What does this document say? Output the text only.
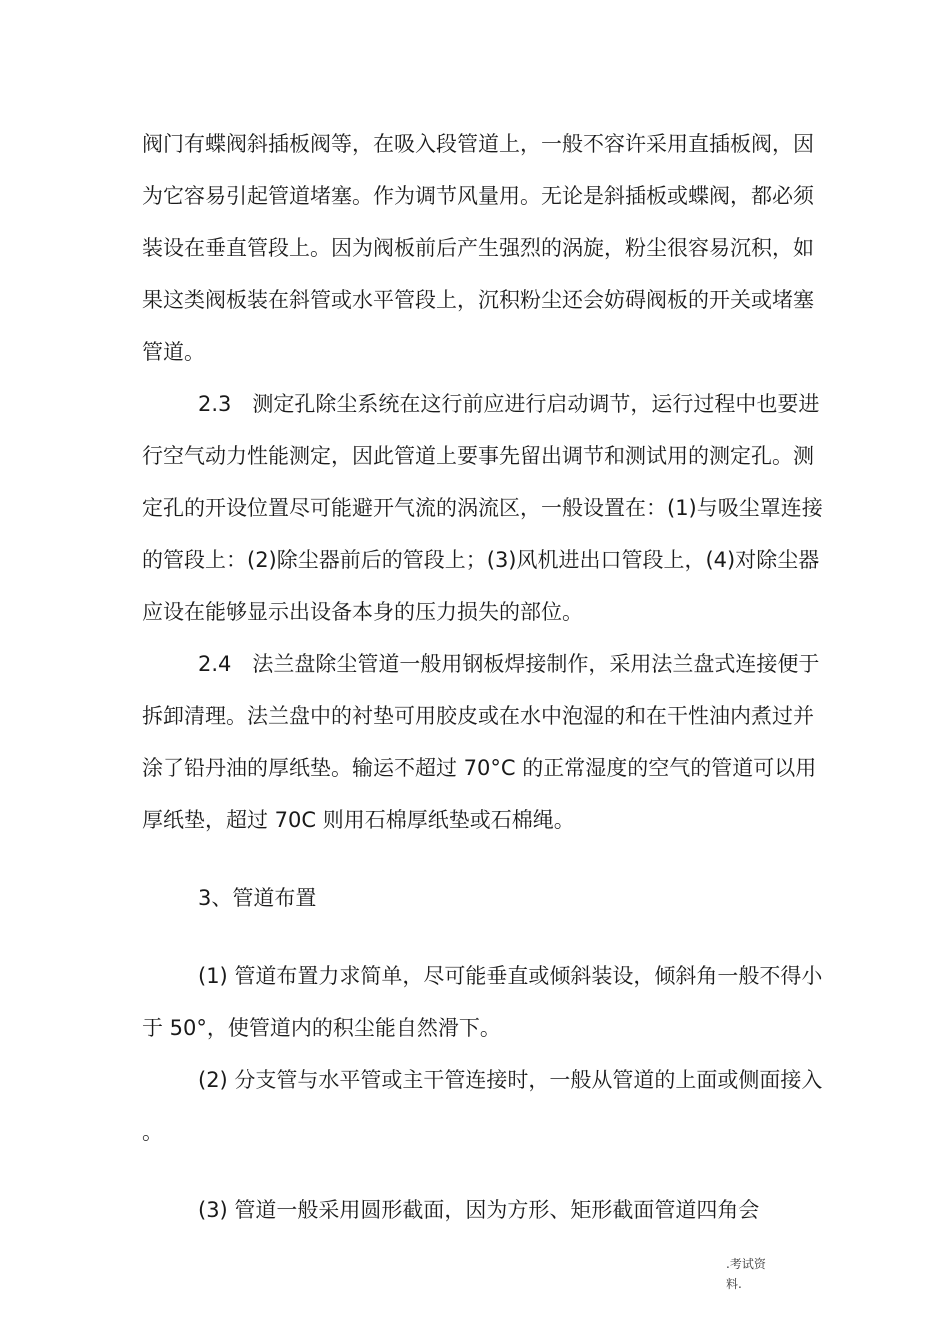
阀门有蝶阀斜插板阀等，在吸入段管道上，一般不容许采用直插板阀，因为它容易引起管道堵塞。作为调节风量用。无论是斜插板或蝶阀，都必须装设在垂直管段上。因为阀板前后产生强烈的涡旋，粉尘很容易沉积，如果这类阀板装在斜管或水平管段上，沉积粉尘还会妨碍阀板的开关或堵塞管道。

2.3　测定孔除尘系统在这行前应进行启动调节，运行过程中也要进行空气动力性能测定，因此管道上要事先留出调节和测试用的测定孔。测定孔的开设位置尽可能避开气流的涡流区，一般设置在：(1)与吸尘罩连接的管段上：(2)除尘器前后的管段上；(3)风机进出口管段上，(4)对除尘器应设在能够显示出设备本身的压力损失的部位。

2.4　法兰盘除尘管道一般用钢板焊接制作，采用法兰盘式连接便于拆卸清理。法兰盘中的衬垫可用胶皮或在水中泡湿的和在干性油内煮过并涂了铅丹油的厚纸垫。输运不超过 70°C 的正常湿度的空气的管道可以用厚纸垫，超过 70C 则用石棉厚纸垫或石棉绳。

3、管道布置

(1) 管道布置力求简单，尽可能垂直或倾斜装设，倾斜角一般不得小于 50°，使管道内的积尘能自然滑下。

(2) 分支管与水平管或主干管连接时，一般从管道的上面或侧面接入。

(3) 管道一般采用圆形截面，因为方形、矩形截面管道四角会

.考试资
料.
